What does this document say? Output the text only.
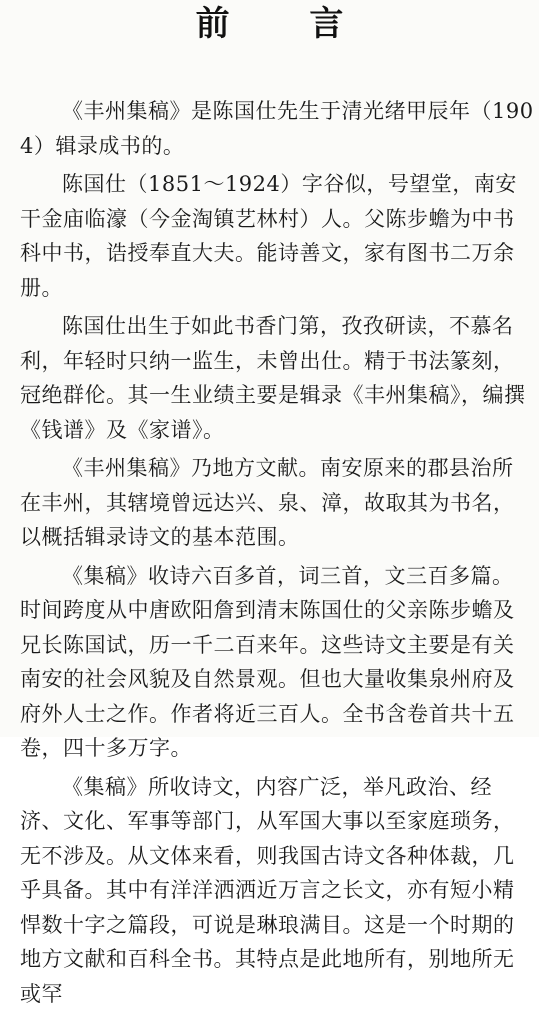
前 言

《丰州集稿》是陈国仕先生于清光绪甲辰年（1904）辑录成书的。

陈国仕（1851～1924）字谷似，号望堂，南安干金庙临濠（今金淘镇艺林村）人。父陈步蟾为中书科中书，诰授奉直大夫。能诗善文，家有图书二万余册。

陈国仕出生于如此书香门第，孜孜研读，不慕名利，年轻时只纳一监生，未曾出仕。精于书法篆刻，冠绝群伦。其一生业绩主要是辑录《丰州集稿》，编撰《钱谱》及《家谱》。

《丰州集稿》乃地方文献。南安原来的郡县治所在丰州，其辖境曾远达兴、泉、漳，故取其为书名，以概括辑录诗文的基本范围。

《集稿》收诗六百多首，词三首，文三百多篇。时间跨度从中唐欧阳詹到清末陈国仕的父亲陈步蟾及兄长陈国试，历一千二百来年。这些诗文主要是有关南安的社会风貌及自然景观。但也大量收集泉州府及府外人士之作。作者将近三百人。全书含卷首共十五卷，四十多万字。

《集稿》所收诗文，内容广泛，举凡政治、经济、文化、军事等部门，从军国大事以至家庭琐务，无不涉及。从文体来看，则我国古诗文各种体裁，几乎具备。其中有洋洋洒洒近万言之长文，亦有短小精悍数十字之篇段，可说是琳琅满目。这是一个时期的地方文献和百科全书。其特点是此地所有，别地所无或罕
